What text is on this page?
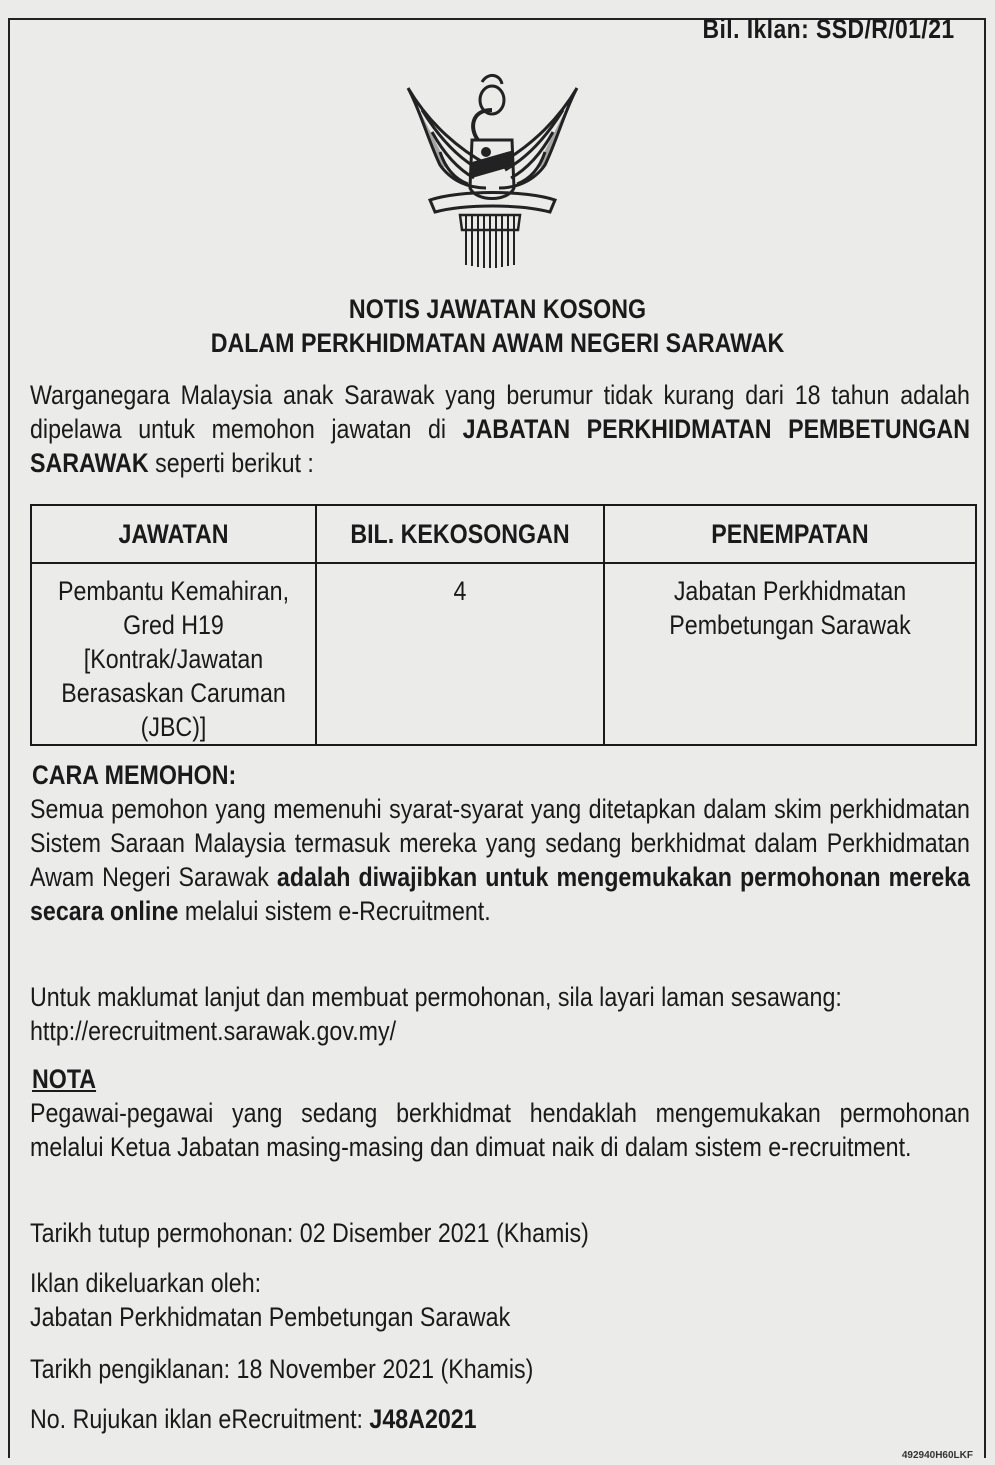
Bil. Iklan: SSD/R/01/21
NOTIS JAWATAN KOSONG
DALAM PERKHIDMATAN AWAM NEGERI SARAWAK
Warganegara Malaysia anak Sarawak yang berumur tidak kurang dari 18 tahun adalah dipelawa untuk memohon jawatan di JABATAN PERKHIDMATAN PEMBETUNGAN SARAWAK seperti berikut :
JAWATAN	BIL. KEKOSONGAN	PENEMPATAN

Pembantu Kemahiran,
Gred H19
[Kontrak/Jawatan
Berasaskan Caruman
(JBC)]	4	Jabatan Perkhidmatan
Pembetungan Sarawak
CARA MEMOHON:
Semua pemohon yang memenuhi syarat-syarat yang ditetapkan dalam skim perkhidmatan Sistem Saraan Malaysia termasuk mereka yang sedang berkhidmat dalam Perkhidmatan Awam Negeri Sarawak adalah diwajibkan untuk mengemukakan permohonan mereka secara online melalui sistem e-Recruitment.
Untuk maklumat lanjut dan membuat permohonan, sila layari laman sesawang:
http://erecruitment.sarawak.gov.my/
NOTA
Pegawai-pegawai yang sedang berkhidmat hendaklah mengemukakan permohonan melalui Ketua Jabatan masing-masing dan dimuat naik di dalam sistem e-recruitment.
Tarikh tutup permohonan: 02 Disember 2021 (Khamis)
Iklan dikeluarkan oleh:
Jabatan Perkhidmatan Pembetungan Sarawak
Tarikh pengiklanan: 18 November 2021 (Khamis)
No. Rujukan iklan eRecruitment: J48A2021
492940H60LKF
